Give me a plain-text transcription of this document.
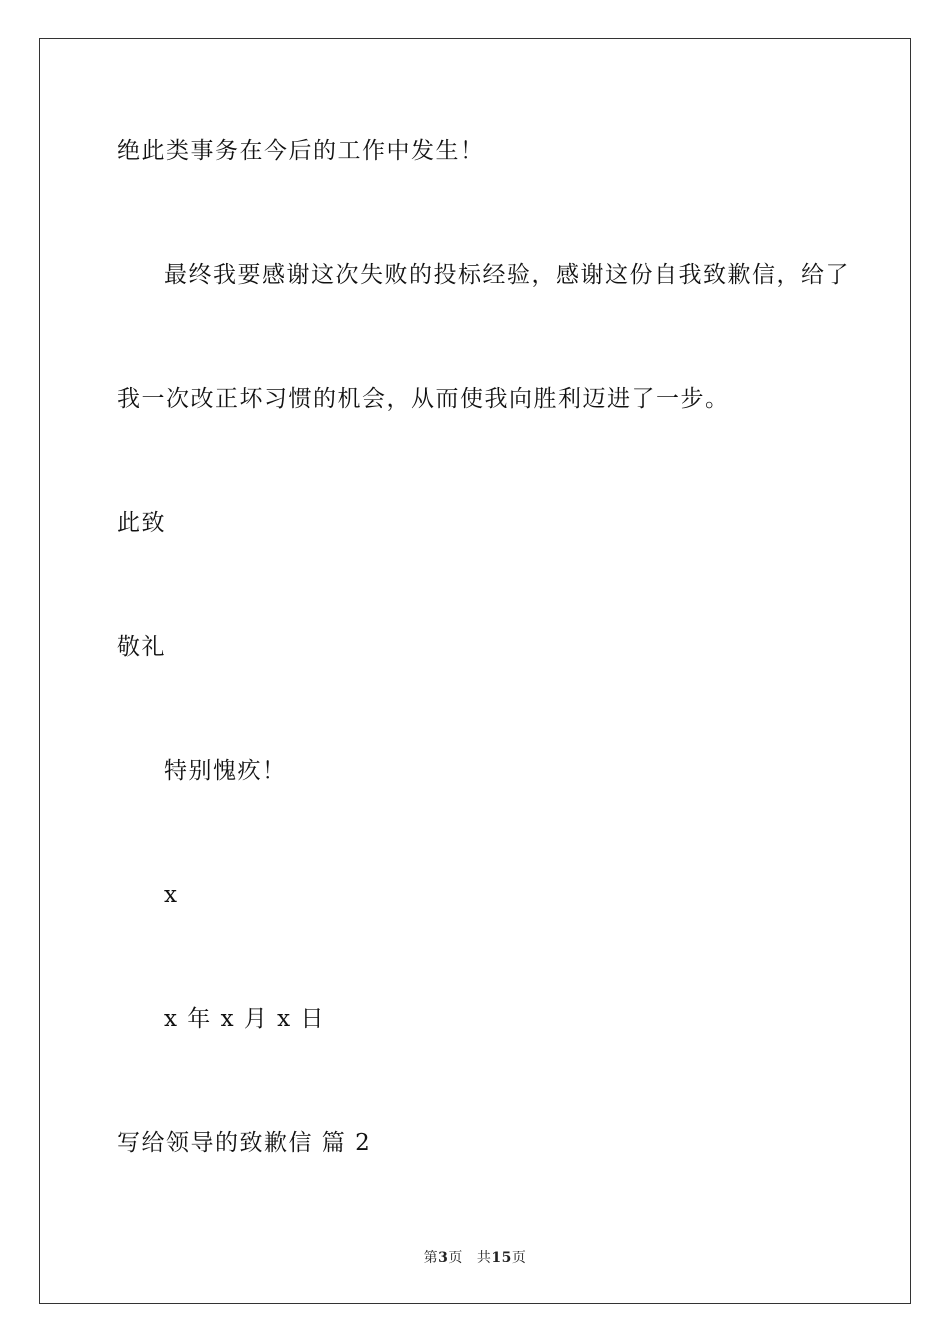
绝此类事务在今后的工作中发生！
最终我要感谢这次失败的投标经验，感谢这份自我致歉信，给了
我一次改正坏习惯的机会，从而使我向胜利迈进了一步。
此致
敬礼
特别愧疚！
x
x 年 x 月 x 日
写给领导的致歉信 篇 2
第3页 共15页
